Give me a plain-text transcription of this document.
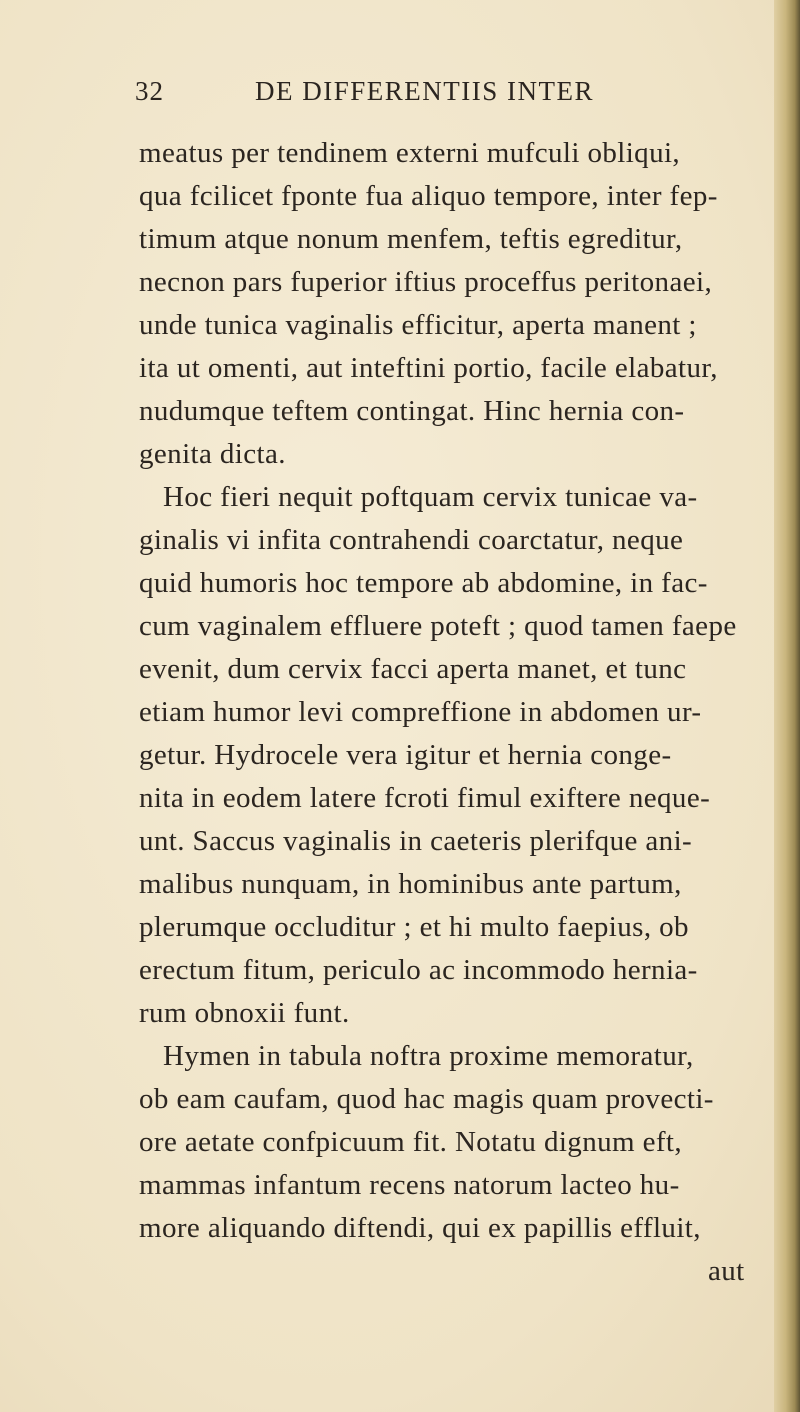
32	DE DIFFERENTIIS INTER
meatus per tendinem externi mufculi obliqui,
qua fcilicet fponte fua aliquo tempore, inter fep-
timum atque nonum menfem, teftis egreditur,
necnon pars fuperior iftius proceffus peritonaei,
unde tunica vaginalis efficitur, aperta manent ;
ita ut omenti, aut inteftini portio, facile elabatur,
nudumque teftem contingat. Hinc hernia con-
genita dicta.
Hoc fieri nequit poftquam cervix tunicae va-
ginalis vi infita contrahendi coarctatur, neque
quid humoris hoc tempore ab abdomine, in fac-
cum vaginalem effluere poteft ; quod tamen faepe
evenit, dum cervix facci aperta manet, et tunc
etiam humor levi compreffione in abdomen ur-
getur. Hydrocele vera igitur et hernia conge-
nita in eodem latere fcroti fimul exiftere neque-
unt. Saccus vaginalis in caeteris plerifque ani-
malibus nunquam, in hominibus ante partum,
plerumque occluditur ; et hi multo faepius, ob
erectum fitum, periculo ac incommodo hernia-
rum obnoxii funt.
Hymen in tabula noftra proxime memoratur,
ob eam caufam, quod hac magis quam provecti-
ore aetate confpicuum fit. Notatu dignum eft,
mammas infantum recens natorum lacteo hu-
more aliquando diftendi, qui ex papillis effluit,
aut
